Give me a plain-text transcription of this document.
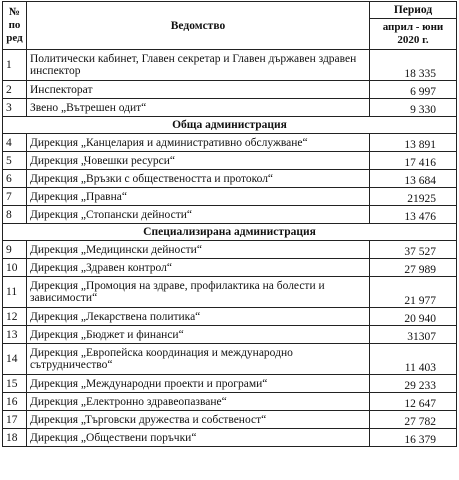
№ по ред	Ведомство	Период
		април - юни 2020 г.
1	Политически кабинет, Главен секретар и Главен държавен здравен инспектор	18 335
2	Инспекторат	6 997
3	Звено „Вътрешен одит“	9 330
Обща администрация		
4	Дирекция „Канцелария и административно обслужване“	13 891
5	Дирекция „Човешки ресурси“	17 416
6	Дирекция „Връзки с обществеността и протокол“	13 684
7	Дирекция „Правна“	21925
8	Дирекция „Стопански дейности“	13 476
Специализирана администрация		
9	Дирекция „Медицински дейности“	37 527
10	Дирекция „Здравен контрол“	27 989
11	Дирекция „Промоция на здраве, профилактика на болести и зависимости“	21 977
12	Дирекция „Лекарствена политика“	20 940
13	Дирекция „Бюджет и финанси“	31307
14	Дирекция „Европейска координация и международно сътрудничество“	11 403
15	Дирекция „Международни проекти и програми“	29 233
16	Дирекция „Електронно здравеопазване“	12 647
17	Дирекция „Търговски дружества и собственост“	27 782
18	Дирекция „Обществени поръчки“	16 379
